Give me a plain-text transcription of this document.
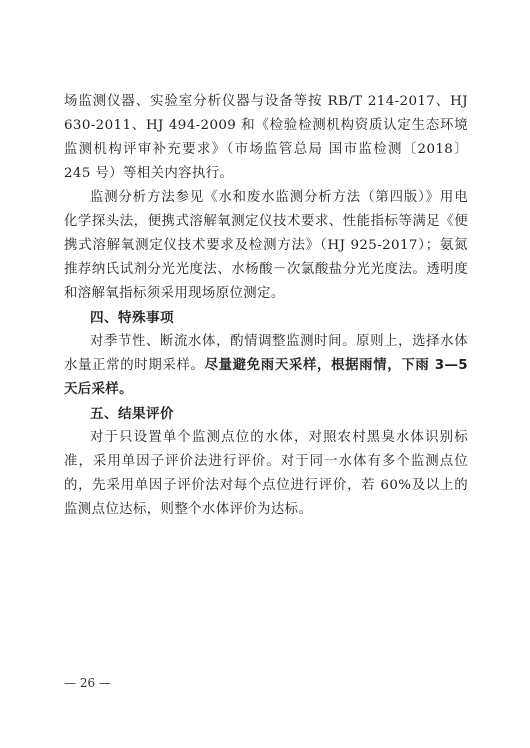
场监测仪器、实验室分析仪器与设备等按 RB/T 214-2017、HJ 630-2011、HJ 494-2009 和《检验检测机构资质认定生态环境监测机构评审补充要求》（市场监管总局 国市监检测〔2018〕245 号）等相关内容执行。

监测分析方法参见《水和废水监测分析方法（第四版）》用电化学探头法，便携式溶解氧测定仪技术要求、性能指标等满足《便携式溶解氧测定仪技术要求及检测方法》（HJ 925-2017）；氨氮推荐纳氏试剂分光光度法、水杨酸－次氯酸盐分光光度法。透明度和溶解氧指标须采用现场原位测定。

四、特殊事项

对季节性、断流水体，酌情调整监测时间。原则上，选择水体水量正常的时期采样。尽量避免雨天采样，根据雨情，下雨 3—5 天后采样。

五、结果评价

对于只设置单个监测点位的水体，对照农村黑臭水体识别标准，采用单因子评价法进行评价。对于同一水体有多个监测点位的，先采用单因子评价法对每个点位进行评价，若 60%及以上的监测点位达标，则整个水体评价为达标。

— 26 —
